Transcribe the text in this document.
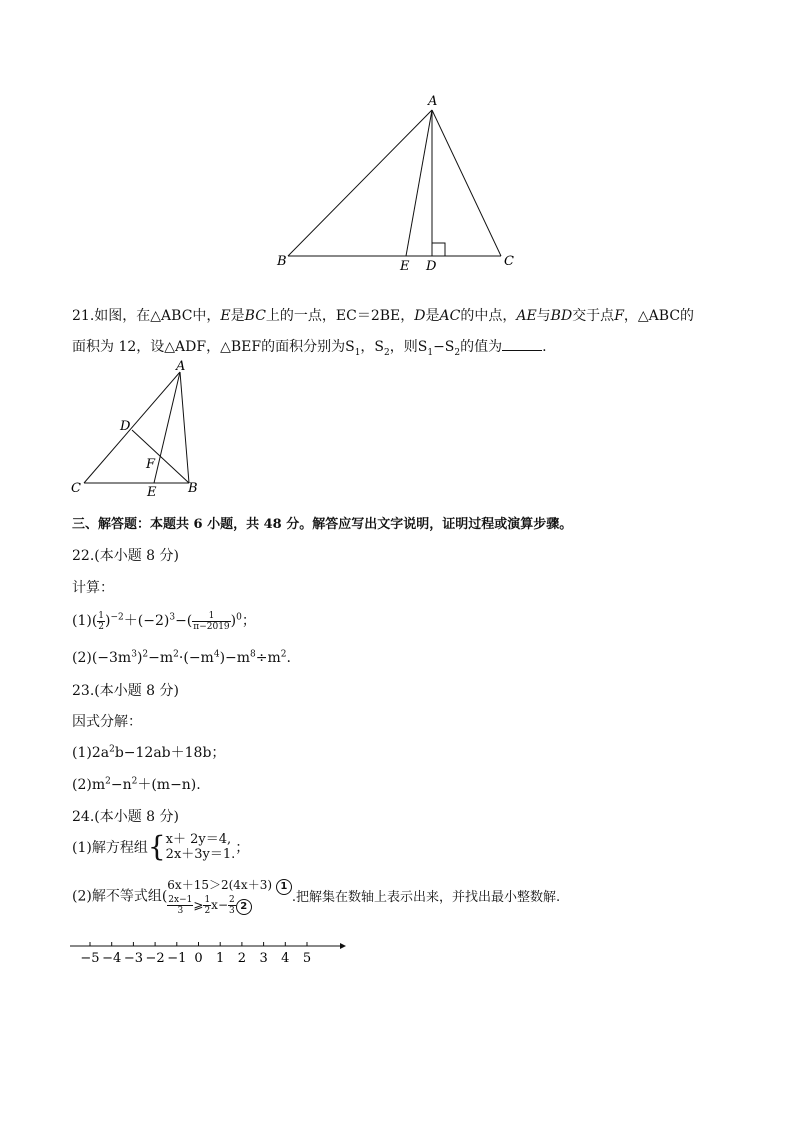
A
B	E D	C
21.如图，在△ABC中，E是BC上的一点，EC＝2BE，D是AC的中点，AE与BD交于点F，△ABC的
面积为 12，设△ADF，△BEF的面积分别为$S_1$，$S_2$，则$S_1-S_2$的值为	.
A
D
F
C	E B
三、解答题：本题共 6 小题，共 48 分。解答应写出文字说明，证明过程或演算步骤。
22.(本小题 8 分)
计算：
$(1)( \frac{1}{2} )^{-2}+(-2)^3-( \frac{1}{\pi-2019} )^0$；
$(2)(-3m^3)^2-m^2\cdot(-m^4)-m^8\div m^2$.
23.(本小题 8 分)
因式分解：
$(1)2a^2b-12ab+18b$；
$(2)m^2-n^2+(m-n)$.
24.(本小题 8 分)
(1)解方程组{ x＋ 2y＝4,
2x＋3y＝1. ；
(2)解不等式组(
6x＋15＞2(4x＋3) 1
$\frac{2x-1}{3}$ ⩾ $\frac{1}{2} x- \frac{2}{3} 2$
.把解集在数轴上表示出来，并找出最小整数解.
−5 −4 −3 −2 −1 0 1 2 3 4 5
